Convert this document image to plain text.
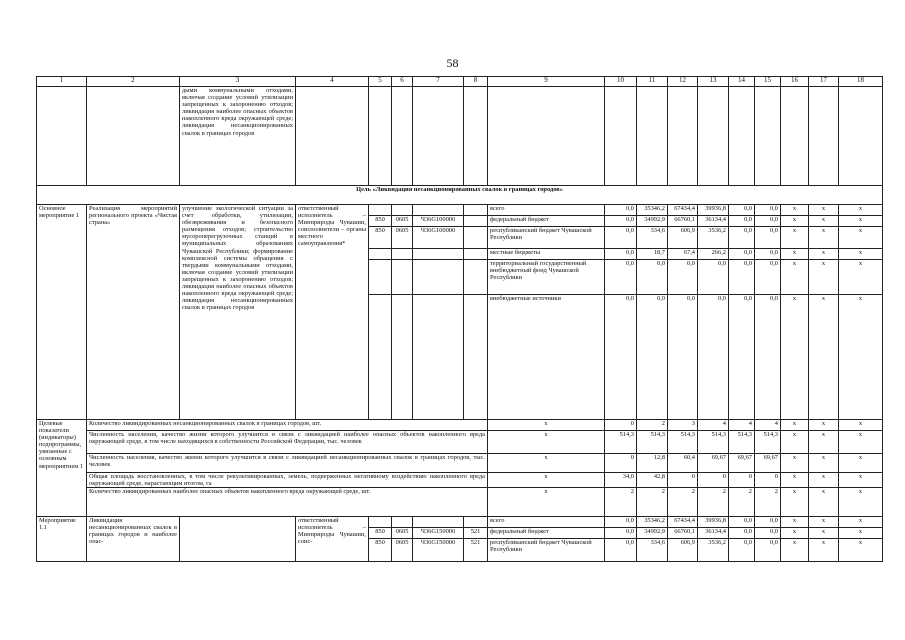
58
1	2	3	4	5	6	7	8	9	10	11	12	13	14	15	16	17	18
		дыми коммунальными отходами, включая создание условий утилизации запрещенных к захоронению отходов; ликвидация наиболее опасных объектов накопленного вреда окружающей среде; ликвидация несанкционированных свалок в границах городов															
Цель «Ликвидация несанкционированных свалок в границах городов»																	
Основное мероприятие 1	Реализация мероприятий регионального проекта «Чистая страна»	улучшение экологической ситуации за счет обработки, утилизации, обезвреживания и безопасного размещения отходов; строительство мусороперегрузочных станций в муниципальных образованиях Чувашской Республики; формирование комплексной системы обращения с твердыми коммунальными отходами, включая создание условий утилизации запрещенных к захоронению отходов; ликвидация наиболее опасных объектов накопленного вреда окружающей среде; ликвидация несанкционированных свалок в границах городов	ответственный исполнитель – Минприроды Чувашии, соисполнители – органы местного самоуправления*					всего	0,0	35346,2	67434,4	39936,8	0,0	0,0	x	x	x
				850	0605	Ч36G100000		федеральный бюджет	0,0	34992,9	66760,1	36134,4	0,0	0,0	x	x	x
				850	0605	Ч36G100000		республиканский бюджет Чувашской Республики	0,0	334,6	606,9	3536,2	0,0	0,0	x	x	x
								местные бюджеты	0,0	18,7	67,4	266,2	0,0	0,0	x	x	x
								территориальный государственный внебюджетный фонд Чувашской Республики	0,0	0,0	0,0	0,0	0,0	0,0	x	x	x
								внебюджетные источники	0,0	0,0	0,0	0,0	0,0	0,0	x	x	x
Целевые показатели (индикаторы) подпрограммы, увязанные с основным мероприятием 1	Количество ликвидированных несанкционированных свалок в границах городов, шт.							x	0	2	3	4	4	4	x	x	x
	Численность населения, качество жизни которого улучшится в связи с ликвидацией наиболее опасных объектов накопленного вреда окружающей среде, в том числе находящихся в собственности Российской Федерации, тыс. человек							x	514,3	514,3	514,3	514,3	514,3	514,3	x	x	x
	Численность населения, качество жизни которого улучшится в связи с ликвидацией несанкционированных свалок в границах городов, тыс. человек							x	0	12,8	60,4	69,67	69,67	69,67	x	x	x
	Общая площадь восстановленных, в том числе рекультивированных, земель, подверженных негативному воздействию накопленного вреда окружающей среде, нарастающим итогом, га							x	34,0	42,8	0	0	0	0	x	x	x
	Количество ликвидированных наиболее опасных объектов накопленного вреда окружающей среде, шт.							x	2	2	2	2	2	2	x	x	x
Мероприятие 1.1	Ликвидация несанкционированных свалок в границах городов и наиболее опас-		ответственный исполнитель – Минприроды Чувашии, соис-					всего	0,0	35346,2	67434,4	39936,8	0,0	0,0	x	x	x
				850	0605	Ч36G150000	521	федеральный бюджет	0,0	34992,9	66760,1	36134,4	0,0	0,0	x	x	x
				850	0605	Ч36G150000	521	республиканский бюджет Чувашской Республики	0,0	334,6	606,9	3536,2	0,0	0,0	x	x	x
